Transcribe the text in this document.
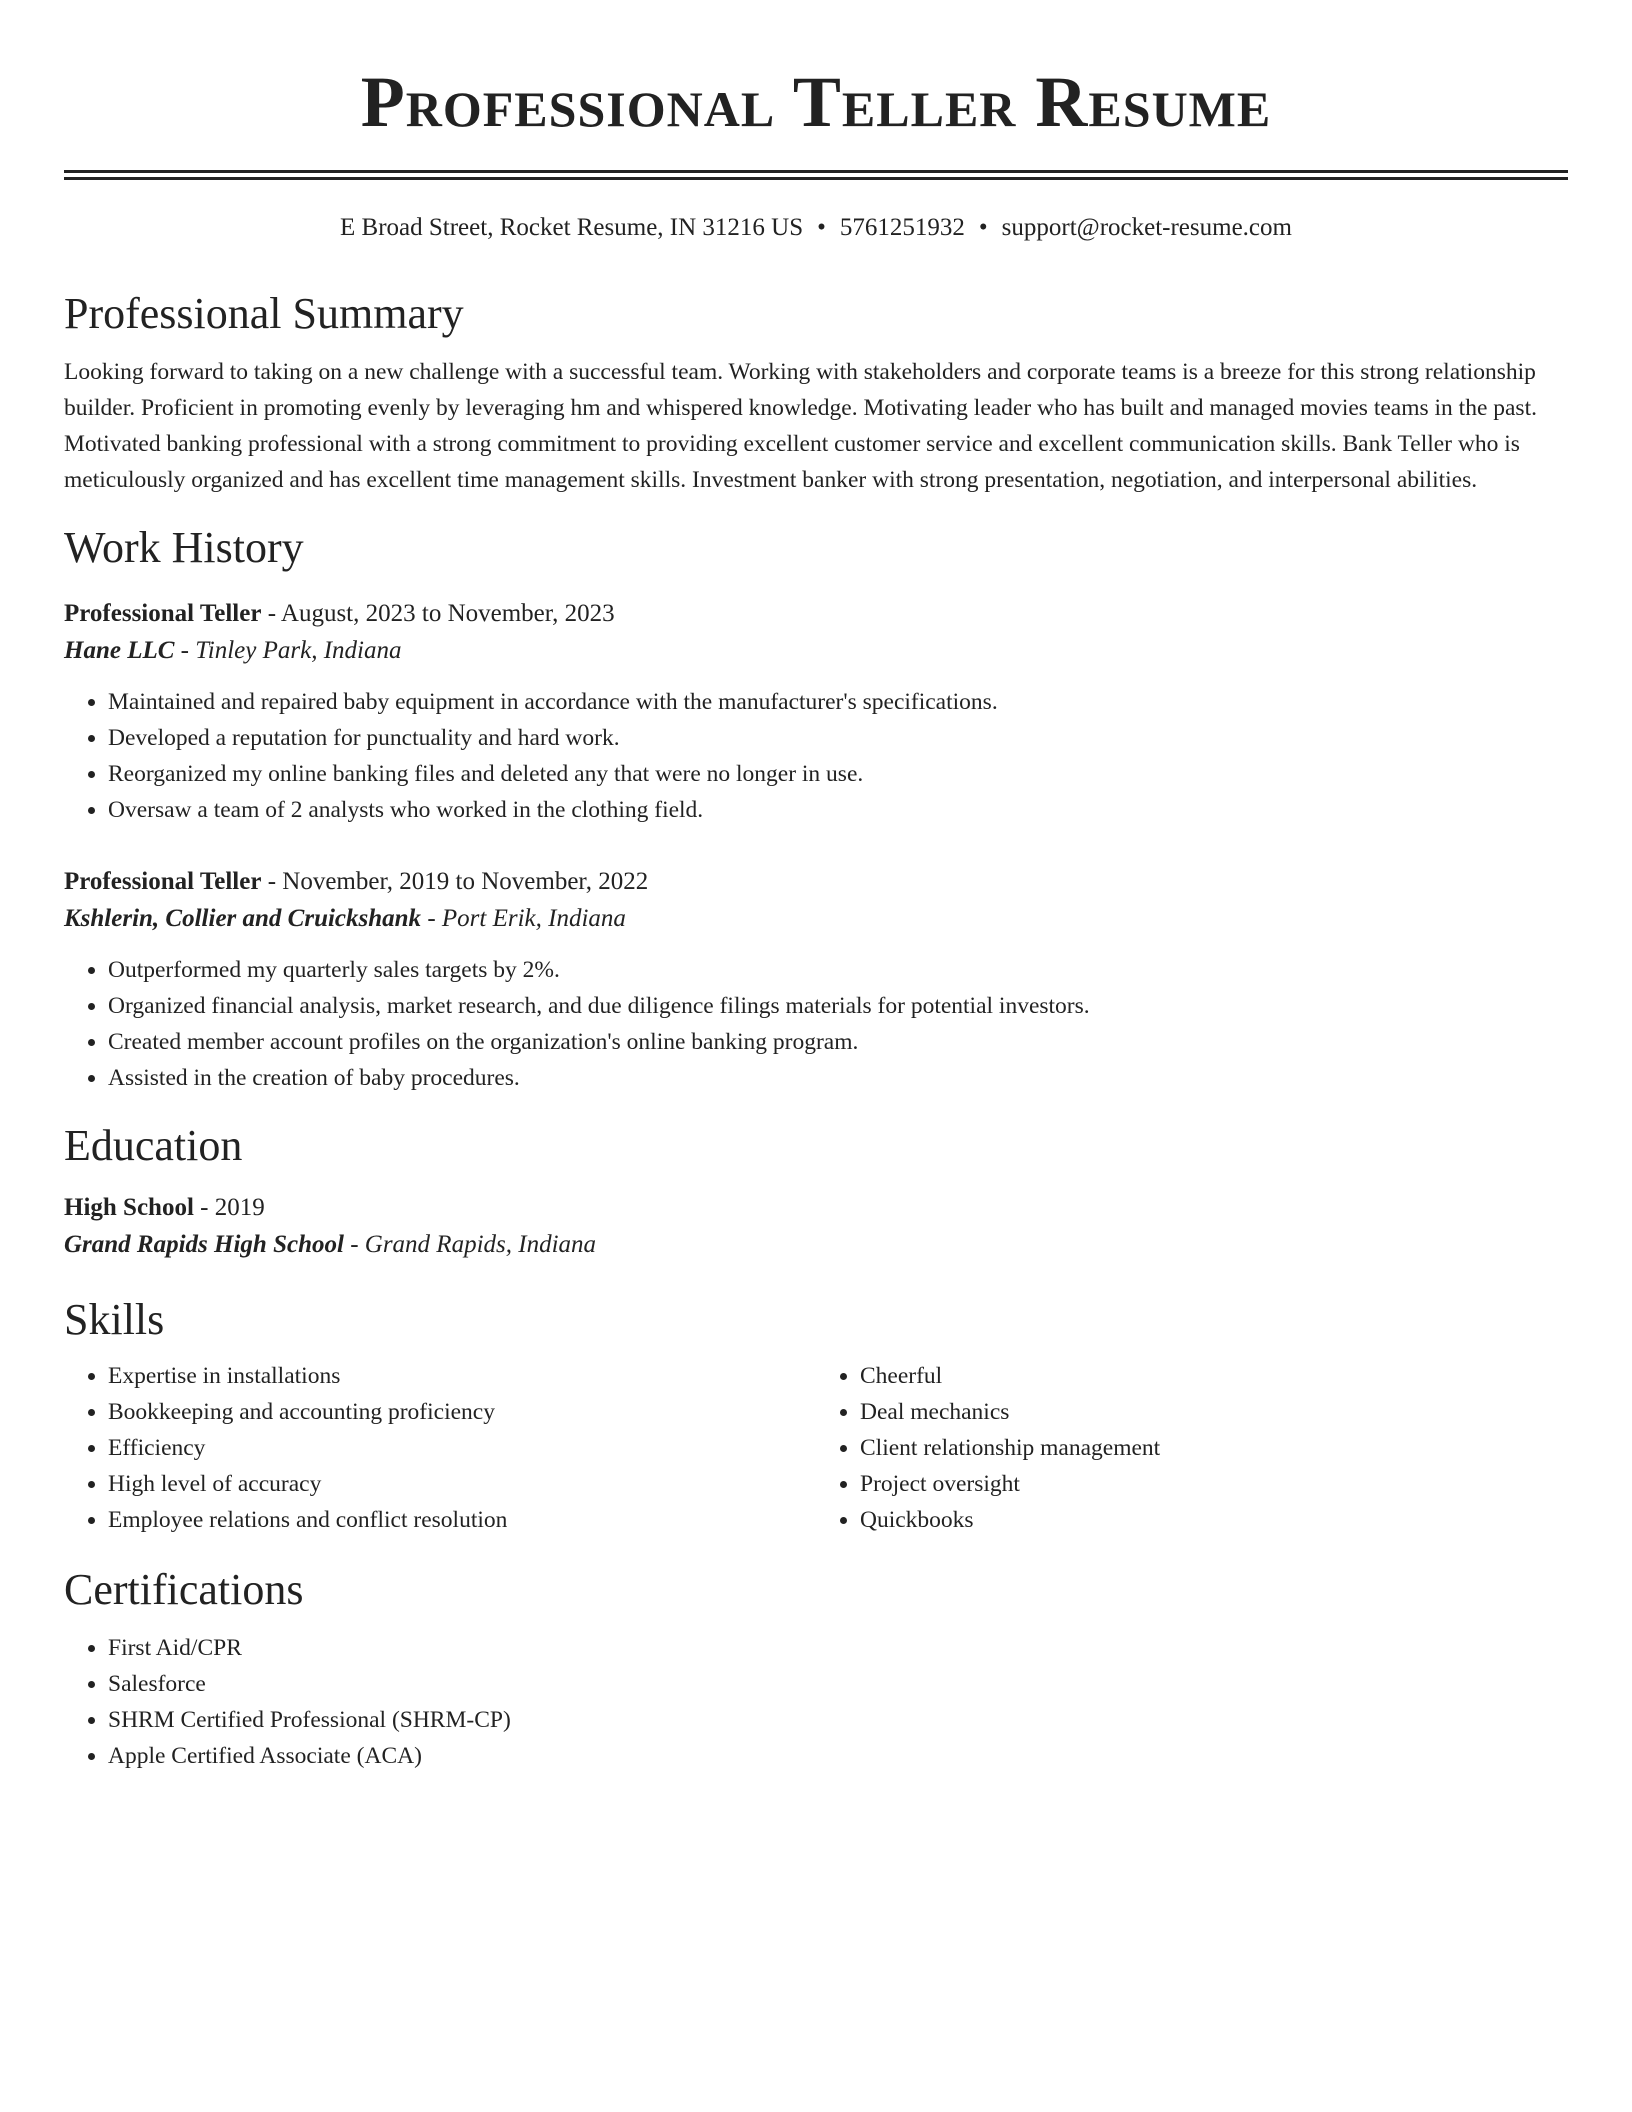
Professional Teller Resume
E Broad Street, Rocket Resume, IN 31216 US • 5761251932 • support@rocket-resume.com
Professional Summary

Looking forward to taking on a new challenge with a successful team. Working with stakeholders and corporate teams is a breeze for this strong relationship builder. Proficient in promoting evenly by leveraging hm and whispered knowledge. Motivating leader who has built and managed movies teams in the past. Motivated banking professional with a strong commitment to providing excellent customer service and excellent communication skills. Bank Teller who is meticulously organized and has excellent time management skills. Investment banker with strong presentation, negotiation, and interpersonal abilities.

Work History
Professional Teller - August, 2023 to November, 2023
Hane LLC - Tinley Park, Indiana
• Maintained and repaired baby equipment in accordance with the manufacturer's specifications.
• Developed a reputation for punctuality and hard work.
• Reorganized my online banking files and deleted any that were no longer in use.
• Oversaw a team of 2 analysts who worked in the clothing field.
Professional Teller - November, 2019 to November, 2022
Kshlerin, Collier and Cruickshank - Port Erik, Indiana
• Outperformed my quarterly sales targets by 2%.
• Organized financial analysis, market research, and due diligence filings materials for potential investors.
• Created member account profiles on the organization's online banking program.
• Assisted in the creation of baby procedures.
Education
High School - 2019
Grand Rapids High School - Grand Rapids, Indiana
Skills
• Expertise in installations
• Bookkeeping and accounting proficiency
• Efficiency
• High level of accuracy
• Employee relations and conflict resolution
• Cheerful
• Deal mechanics
• Client relationship management
• Project oversight
• Quickbooks
Certifications
• First Aid/CPR
• Salesforce
• SHRM Certified Professional (SHRM-CP)
• Apple Certified Associate (ACA)
